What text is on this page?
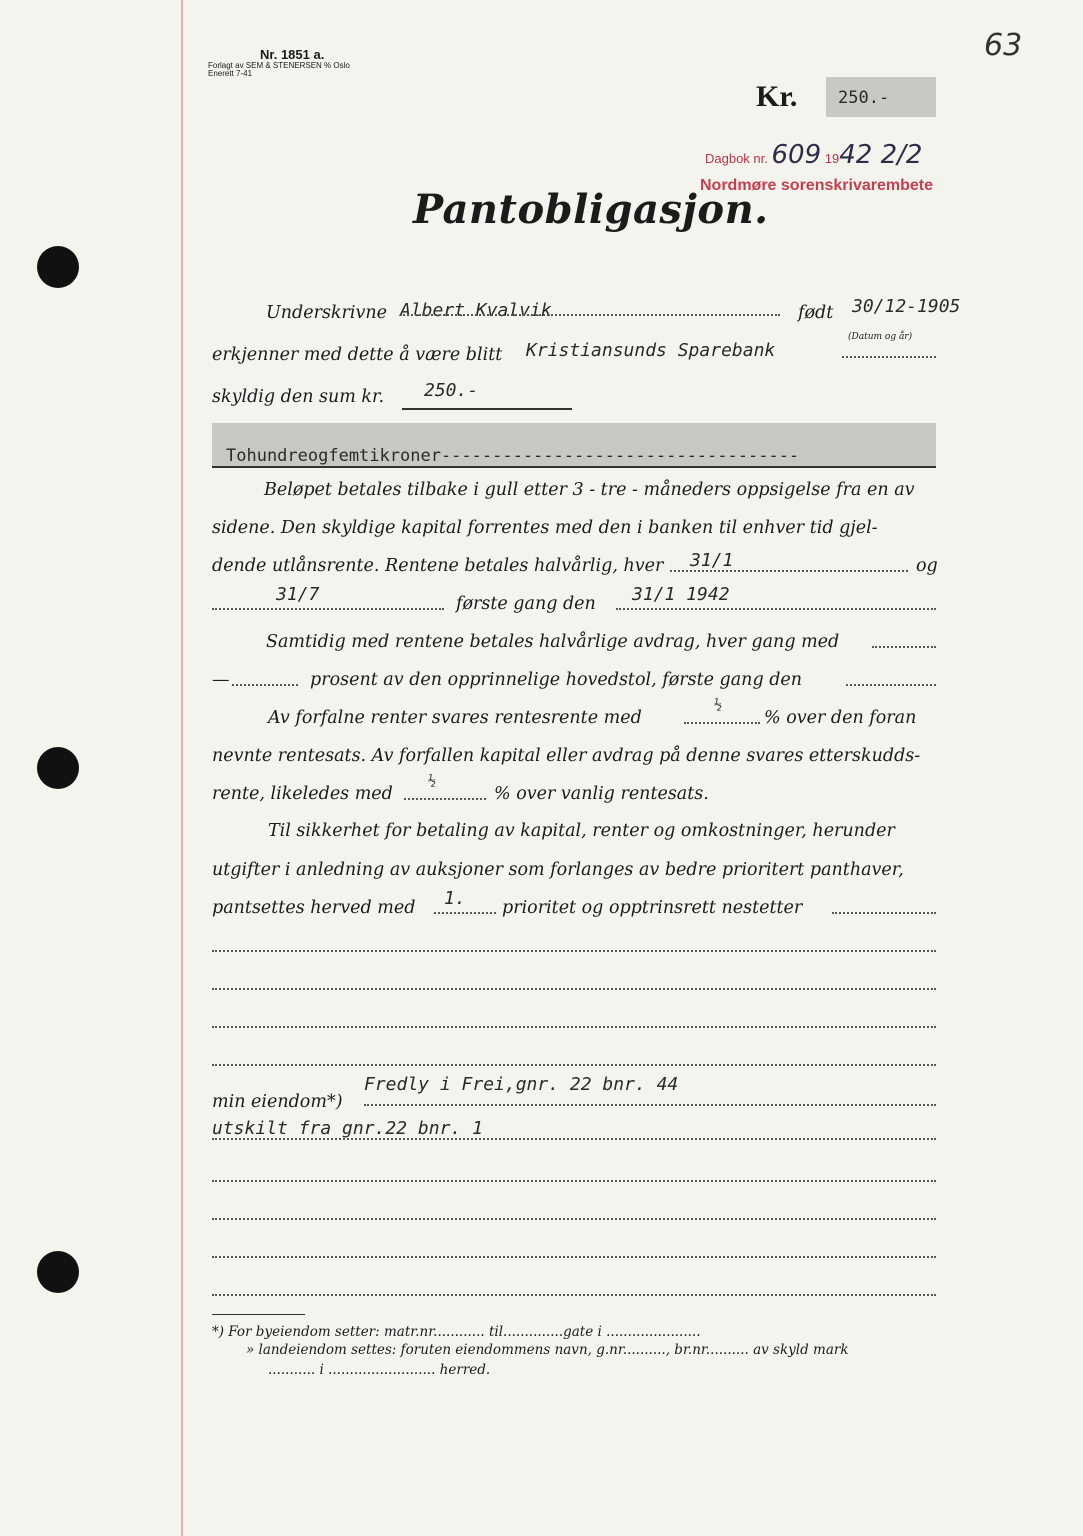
63
Nr. 1851 a.
Forlagt av SEM & STENERSEN % Oslo
Enerett 7-41
Kr. 250.-
Dagbok nr. 609 1942 2/2
Nordmøre sorenskrivarembete
Pantobligasjon.
Underskrivne Albert Kvalvik	født 30/12-1905
(Datum og år)
erkjenner med dette å være blitt Kristiansunds Sparebank
skyldig den sum kr. 250.-
Tohundreogfemtikroner-----------------------------------
Beløpet betales tilbake i gull etter 3 - tre - måneders oppsigelse fra en av
sidene. Den skyldige kapital forrentes med den i banken til enhver tid gjel-
dende utlånsrente. Rentene betales halvårlig, hver 31/1	og
31/7	første gang den 31/1 1942
Samtidig med rentene betales halvårlige avdrag, hver gang med
—	prosent av den opprinnelige hovedstol, første gang den
Av forfalne renter svares rentesrente med
½
% over den foran
nevnte rentesats. Av forfallen kapital eller avdrag på denne svares etterskudds-
rente, likeledes med
½
% over vanlig rentesats.
Til sikkerhet for betaling av kapital, renter og omkostninger, herunder
utgifter i anledning av auksjoner som forlanges av bedre prioritert panthaver,
pantsettes herved med 1. prioritet og opptrinsrett nestetter
min eiendom*)
Fredly i Frei,gnr. 22 bnr. 44
utskilt fra gnr.22 bnr. 1
*) For byeiendom setter: matr.nr............ til..............gate i ......................
» landeiendom settes: foruten eiendommens navn, g.nr.........., br.nr.......... av skyld mark
........... i ......................... herred.
